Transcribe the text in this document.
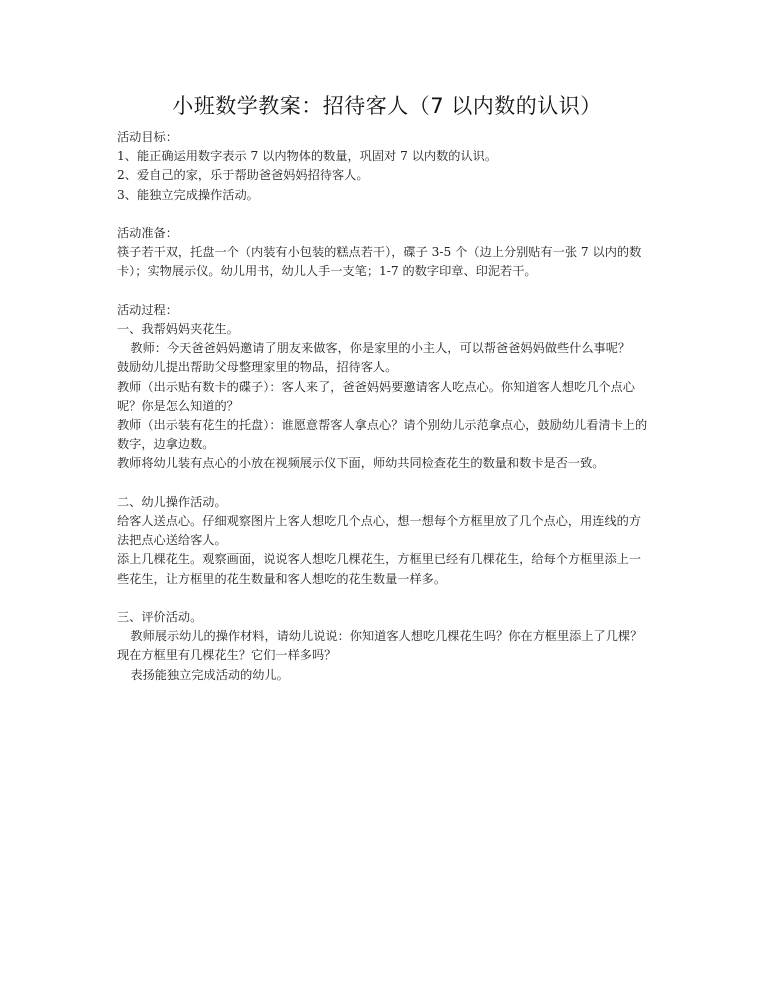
小班数学教案：招待客人（7 以内数的认识）

活动目标：

1、能正确运用数字表示 7 以内物体的数量，巩固对 7 以内数的认识。

2、爱自己的家，乐于帮助爸爸妈妈招待客人。

3、能独立完成操作活动。

活动准备：

筷子若干双，托盘一个（内装有小包装的糕点若干），碟子 3-5 个（边上分别贴有一张 7 以内的数卡）；实物展示仪。幼儿用书，幼儿人手一支笔；1-7 的数字印章、印泥若干。

活动过程：

一、我帮妈妈夹花生。

教师：今天爸爸妈妈邀请了朋友来做客，你是家里的小主人，可以帮爸爸妈妈做些什么事呢？

鼓励幼儿提出帮助父母整理家里的物品，招待客人。

教师（出示贴有数卡的碟子）：客人来了，爸爸妈妈要邀请客人吃点心。你知道客人想吃几个点心呢？你是怎么知道的？

教师（出示装有花生的托盘）：谁愿意帮客人拿点心？请个别幼儿示范拿点心，鼓励幼儿看清卡上的数字，边拿边数。

教师将幼儿装有点心的小放在视频展示仪下面，师幼共同检查花生的数量和数卡是否一致。

二、幼儿操作活动。

给客人送点心。仔细观察图片上客人想吃几个点心，想一想每个方框里放了几个点心，用连线的方法把点心送给客人。

添上几棵花生。观察画面，说说客人想吃几棵花生，方框里已经有几棵花生，给每个方框里添上一些花生，让方框里的花生数量和客人想吃的花生数量一样多。

三、评价活动。

教师展示幼儿的操作材料，请幼儿说说：你知道客人想吃几棵花生吗？你在方框里添上了几棵？现在方框里有几棵花生？它们一样多吗？

表扬能独立完成活动的幼儿。
